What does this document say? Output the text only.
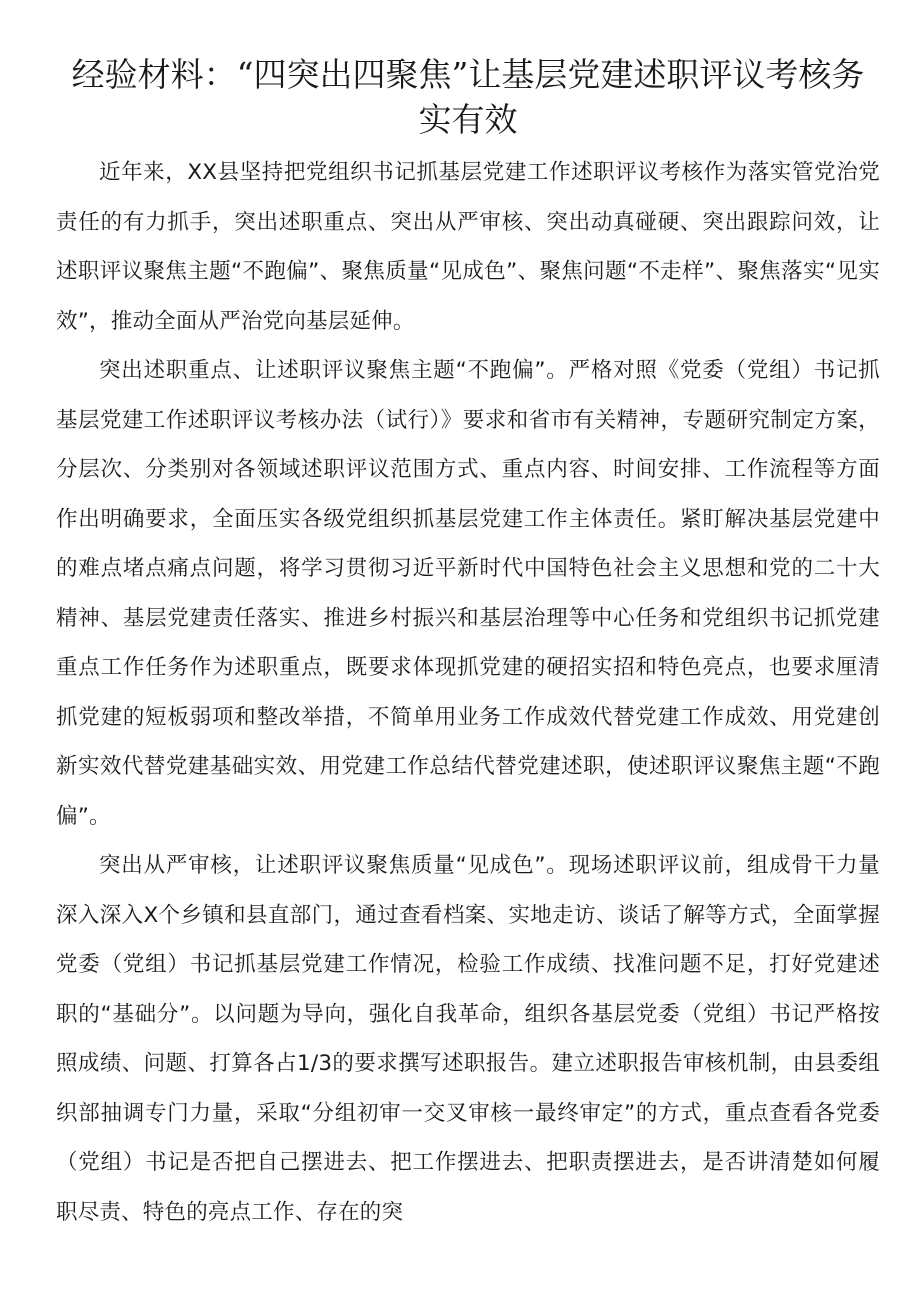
经验材料：“四突出四聚焦”让基层党建述职评议考核务实有效

近年来，XX县坚持把党组织书记抓基层党建工作述职评议考核作为落实管党治党责任的有力抓手，突出述职重点、突出从严审核、突出动真碰硬、突出跟踪问效，让述职评议聚焦主题“不跑偏”、聚焦质量“见成色”、聚焦问题“不走样”、聚焦落实“见实效”，推动全面从严治党向基层延伸。

突出述职重点、让述职评议聚焦主题“不跑偏”。严格对照《党委（党组）书记抓基层党建工作述职评议考核办法（试行）》要求和省市有关精神，专题研究制定方案，分层次、分类别对各领域述职评议范围方式、重点内容、时间安排、工作流程等方面作出明确要求，全面压实各级党组织抓基层党建工作主体责任。紧盯解决基层党建中的难点堵点痛点问题，将学习贯彻习近平新时代中国特色社会主义思想和党的二十大精神、基层党建责任落实、推进乡村振兴和基层治理等中心任务和党组织书记抓党建重点工作任务作为述职重点，既要求体现抓党建的硬招实招和特色亮点，也要求厘清抓党建的短板弱项和整改举措，不简单用业务工作成效代替党建工作成效、用党建创新实效代替党建基础实效、用党建工作总结代替党建述职，使述职评议聚焦主题“不跑偏”。

突出从严审核，让述职评议聚焦质量“见成色”。现场述职评议前，组成骨干力量深入深入X个乡镇和县直部门，通过查看档案、实地走访、谈话了解等方式，全面掌握党委（党组）书记抓基层党建工作情况，检验工作成绩、找准问题不足，打好党建述职的“基础分”。以问题为导向，强化自我革命，组织各基层党委（党组）书记严格按照成绩、问题、打算各占1/3的要求撰写述职报告。建立述职报告审核机制，由县委组织部抽调专门力量，采取“分组初审一交叉审核一最终审定”的方式，重点查看各党委（党组）书记是否把自己摆进去、把工作摆进去、把职责摆进去，是否讲清楚如何履职尽责、特色的亮点工作、存在的突
